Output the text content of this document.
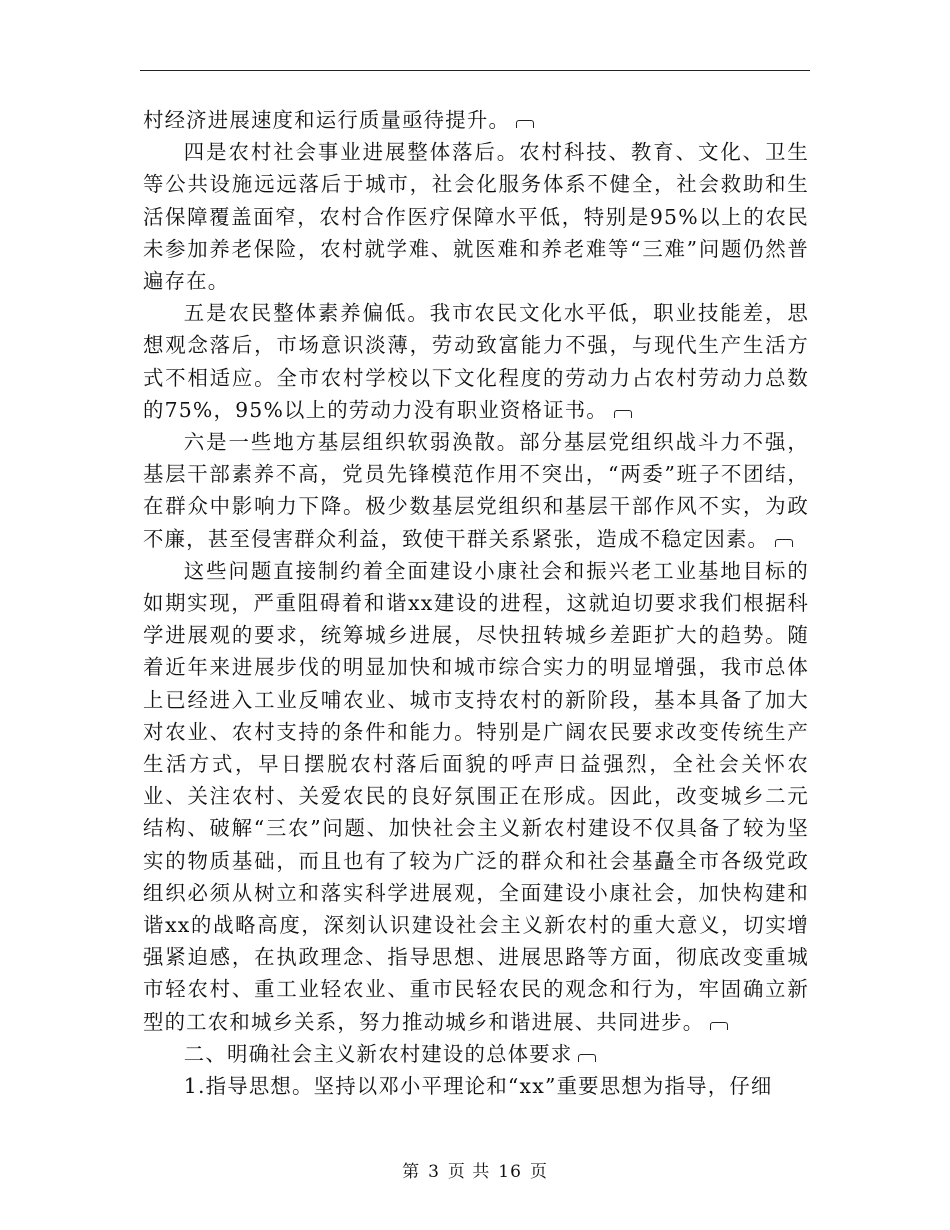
村经济进展速度和运行质量亟待提升。

四是农村社会事业进展整体落后。农村科技、教育、文化、卫生等公共设施远远落后于城市，社会化服务体系不健全，社会救助和生活保障覆盖面窄，农村合作医疗保障水平低，特别是95%以上的农民未参加养老保险，农村就学难、就医难和养老难等“三难”问题仍然普遍存在。

五是农民整体素养偏低。我市农民文化水平低，职业技能差，思想观念落后，市场意识淡薄，劳动致富能力不强，与现代生产生活方式不相适应。全市农村学校以下文化程度的劳动力占农村劳动力总数的75%，95%以上的劳动力没有职业资格证书。

六是一些地方基层组织软弱涣散。部分基层党组织战斗力不强，基层干部素养不高，党员先锋模范作用不突出，“两委”班子不团结，在群众中影响力下降。极少数基层党组织和基层干部作风不实，为政不廉，甚至侵害群众利益，致使干群关系紧张，造成不稳定因素。

这些问题直接制约着全面建设小康社会和振兴老工业基地目标的如期实现，严重阻碍着和谐xx建设的进程，这就迫切要求我们根据科学进展观的要求，统筹城乡进展，尽快扭转城乡差距扩大的趋势。随着近年来进展步伐的明显加快和城市综合实力的明显增强，我市总体上已经进入工业反哺农业、城市支持农村的新阶段，基本具备了加大对农业、农村支持的条件和能力。特别是广阔农民要求改变传统生产生活方式，早日摆脱农村落后面貌的呼声日益强烈，全社会关怀农业、关注农村、关爱农民的良好氛围正在形成。因此，改变城乡二元结构、破解“三农”问题、加快社会主义新农村建设不仅具备了较为坚实的物质基础，而且也有了较为广泛的群众和社会基矗全市各级党政组织必须从树立和落实科学进展观，全面建设小康社会，加快构建和谐xx的战略高度，深刻认识建设社会主义新农村的重大意义，切实增强紧迫感，在执政理念、指导思想、进展思路等方面，彻底改变重城市轻农村、重工业轻农业、重市民轻农民的观念和行为，牢固确立新型的工农和城乡关系，努力推动城乡和谐进展、共同进步。

二、明确社会主义新农村建设的总体要求

1.指导思想。坚持以邓小平理论和“xx”重要思想为指导，仔细

第 3 页 共 16 页
